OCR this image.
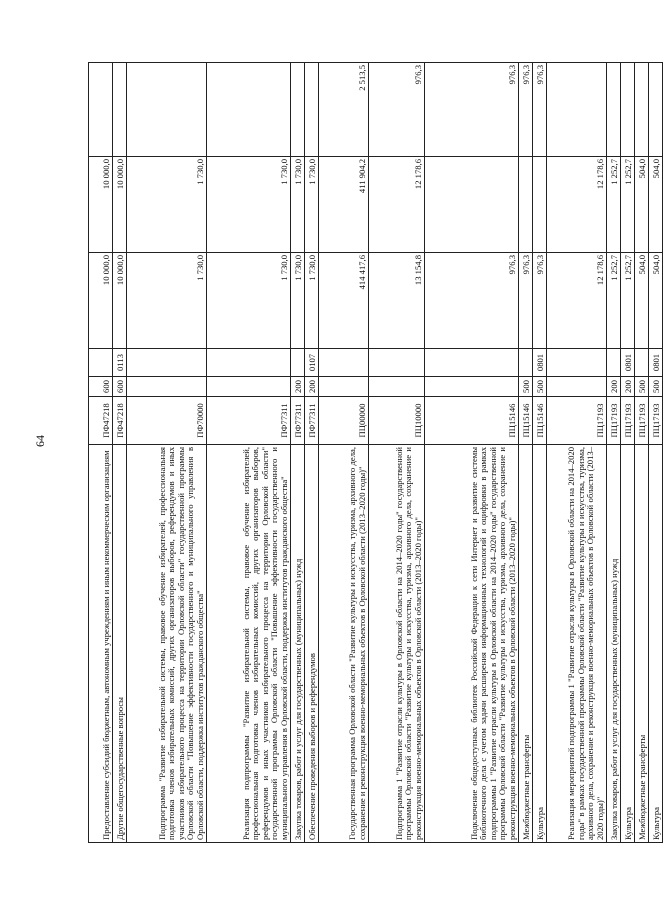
64
Предоставление субсидий бюджетным, автономным учреждениям и иным некоммерческим организациям	ПФ47218	600		10 000,0	10 000,0	
Другие общегосударственные вопросы	ПФ47218	600	0113	10 000,0	10 000,0	
Подпрограмма "Развитие избирательной системы, правовое обучение избирателей, профессиональная подготовка членов избирательных комиссий, других организаторов выборов, референдумов и иных участников избирательного процесса на территории Орловской области" государственной программы Орловской области "Повышение эффективности государственного и муниципального управления в Орловской области, поддержка институтов гражданского общества"	ПФ70000			1 730,0	1 730,0	
Реализация подпрограммы "Развитие избирательной системы, правовое обучение избирателей, профессиональная подготовка членов избирательных комиссий, других организаторов выборов, референдумов и иных участников избирательного процесса на территории Орловской области" государственной программы Орловской области "Повышение эффективности государственного и муниципального управления в Орловской области, поддержка институтов гражданского общества"	ПФ77311			1 730,0	1 730,0	
Закупка товаров, работ и услуг для государственных (муниципальных) нужд	ПФ77311	200		1 730,0	1 730,0	
Обеспечение проведения выборов и референдумов	ПФ77311	200	0107	1 730,0	1 730,0	
Государственная программа Орловской области "Развитие культуры и искусства, туризма, архивного дела, сохранение и реконструкция военно-мемориальных объектов в Орловской области (2013–2020 годы)"	ПЦ00000			414 417,6	411 904,2	2 513,5
Подпрограмма 1 "Развитие отрасли культуры в Орловской области на 2014–2020 годы" государственной программы Орловской области "Развитие культуры и искусства, туризма, архивного дела, сохранение и реконструкция военно-мемориальных объектов в Орловской области (2013–2020 годы)"	ПЦ10000			13 154,8	12 178,6	976,3
Подключение общедоступных библиотек Российской Федерации к сети Интернет и развитие системы библиотечного дела с учетом задачи расширения информационных технологий и оцифровки в рамках подпрограммы 1 "Развитие отрасли культуры в Орловской области на 2014–2020 годы" государственной программы Орловской области "Развитие культуры и искусства, туризма, архивного дела, сохранение и реконструкция военно-мемориальных объектов в Орловской области (2013–2020 годы)"	ПЦ15146			976,3		976,3
Межбюджетные трансферты	ПЦ15146	500		976,3		976,3
Культура	ПЦ15146	500	0801	976,3		976,3
Реализация мероприятий подпрограммы 1 "Развитие отрасли культуры в Орловской области на 2014–2020 годы" в рамках государственной программы Орловской области "Развитие культуры и искусства, туризма, архивного дела, сохранение и реконструкция военно-мемориальных объектов в Орловской области (2013–2020 годы)"	ПЦ17193			12 178,6	12 178,6	
Закупка товаров, работ и услуг для государственных (муниципальных) нужд	ПЦ17193	200		1 252,7	1 252,7	
Культура	ПЦ17193	200	0801	1 252,7	1 252,7	
Межбюджетные трансферты	ПЦ17193	500		504,0	504,0	
Культура	ПЦ17193	500	0801	504,0	504,0	
